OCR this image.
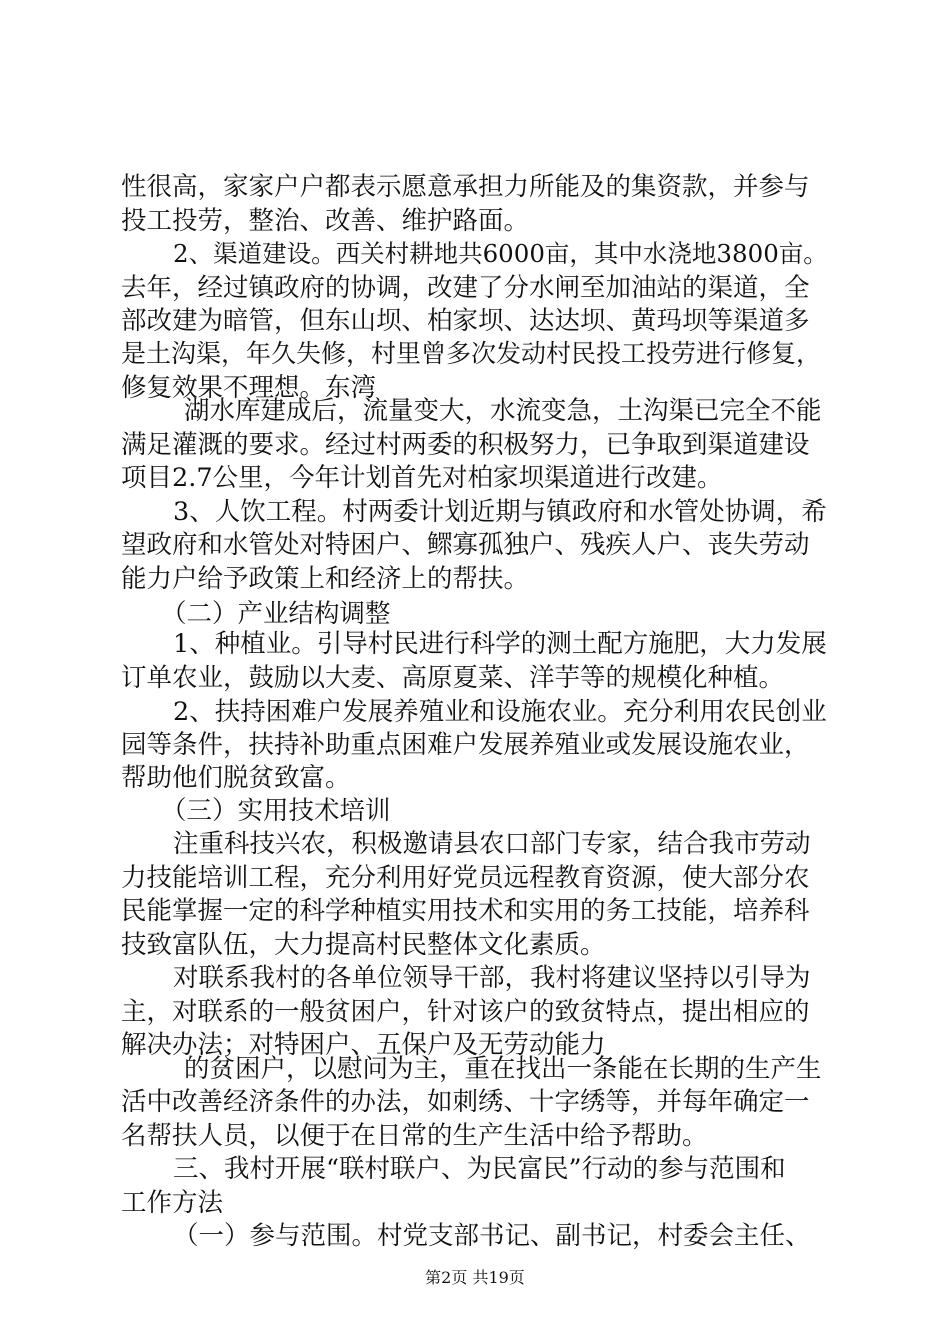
性很高，家家户户都表示愿意承担力所能及的集资款，并参与
投工投劳，整治、改善、维护路面。
2、渠道建设。西关村耕地共6000亩，其中水浇地3800亩。
去年，经过镇政府的协调，改建了分水闸至加油站的渠道，全
部改建为暗管，但东山坝、柏家坝、达达坝、黄玛坝等渠道多
是土沟渠，年久失修，村里曾多次发动村民投工投劳进行修复，
修复效果不理想。东湾
湖水库建成后，流量变大，水流变急，土沟渠已完全不能
满足灌溉的要求。经过村两委的积极努力，已争取到渠道建设
项目2.7公里，今年计划首先对柏家坝渠道进行改建。
3、人饮工程。村两委计划近期与镇政府和水管处协调，希
望政府和水管处对特困户、鳏寡孤独户、残疾人户、丧失劳动
能力户给予政策上和经济上的帮扶。
（二）产业结构调整
1、种植业。引导村民进行科学的测土配方施肥，大力发展
订单农业，鼓励以大麦、高原夏菜、洋芋等的规模化种植。
2、扶持困难户发展养殖业和设施农业。充分利用农民创业
园等条件，扶持补助重点困难户发展养殖业或发展设施农业，
帮助他们脱贫致富。
（三）实用技术培训
注重科技兴农，积极邀请县农口部门专家，结合我市劳动
力技能培训工程，充分利用好党员远程教育资源，使大部分农
民能掌握一定的科学种植实用技术和实用的务工技能，培养科
技致富队伍，大力提高村民整体文化素质。
对联系我村的各单位领导干部，我村将建议坚持以引导为
主，对联系的一般贫困户，针对该户的致贫特点，提出相应的
解决办法；对特困户、五保户及无劳动能力
的贫困户，以慰问为主，重在找出一条能在长期的生产生
活中改善经济条件的办法，如刺绣、十字绣等，并每年确定一
名帮扶人员，以便于在日常的生产生活中给予帮助。
三、我村开展“联村联户、为民富民”行动的参与范围和
工作方法
（一）参与范围。村党支部书记、副书记，村委会主任、
第2页 共19页
